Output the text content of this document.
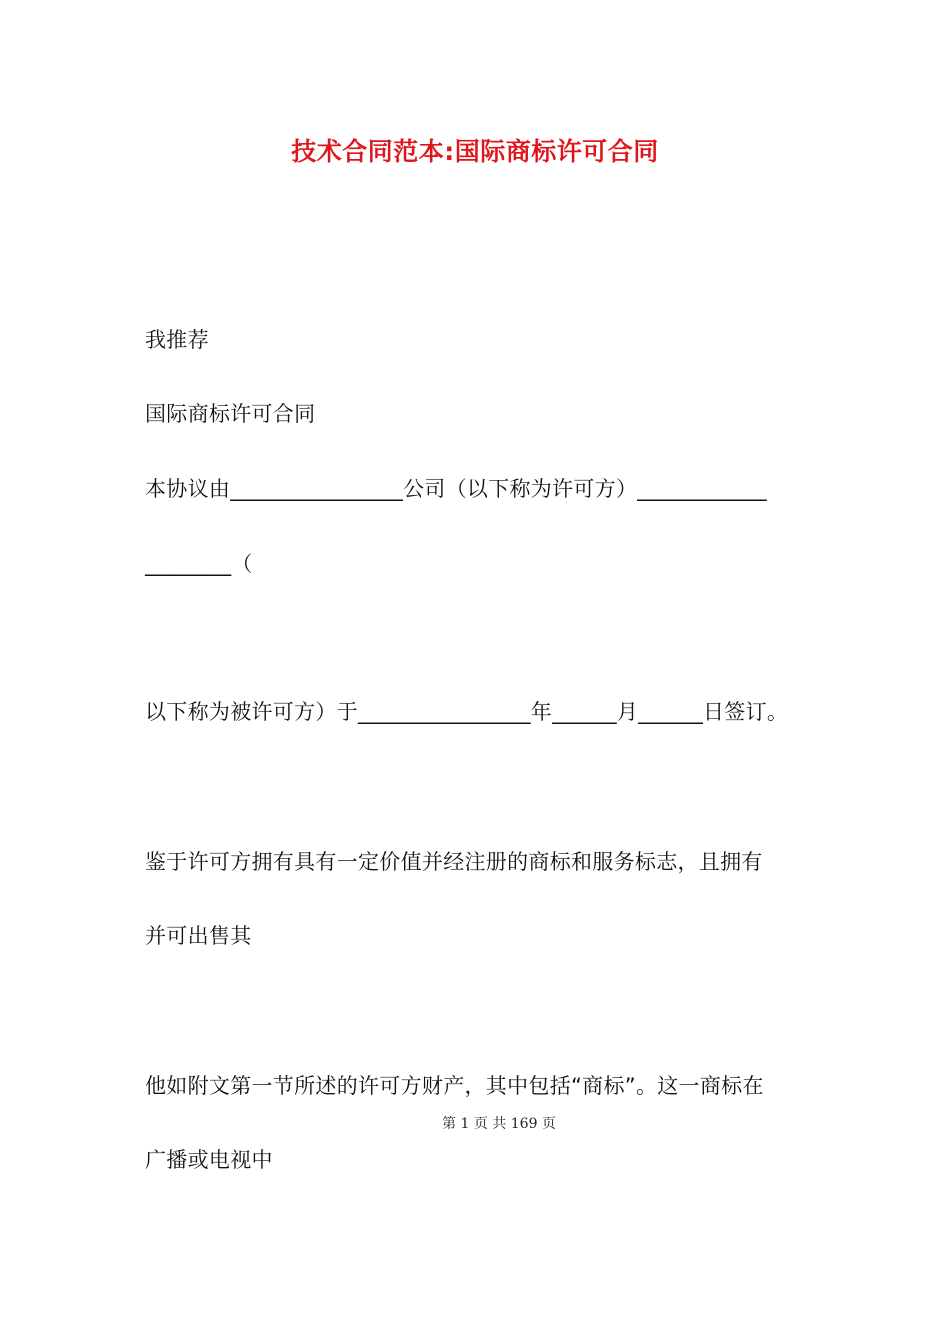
技术合同范本:国际商标许可合同
我推荐
国际商标许可合同
本协议由________________公司（以下称为许可方）____________
________（
以下称为被许可方）于________________年______月______日签订。
鉴于许可方拥有具有一定价值并经注册的商标和服务标志，且拥有
并可出售其
他如附文第一节所述的许可方财产，其中包括“商标”。这一商标在
第 1 页 共 169 页
广播或电视中
